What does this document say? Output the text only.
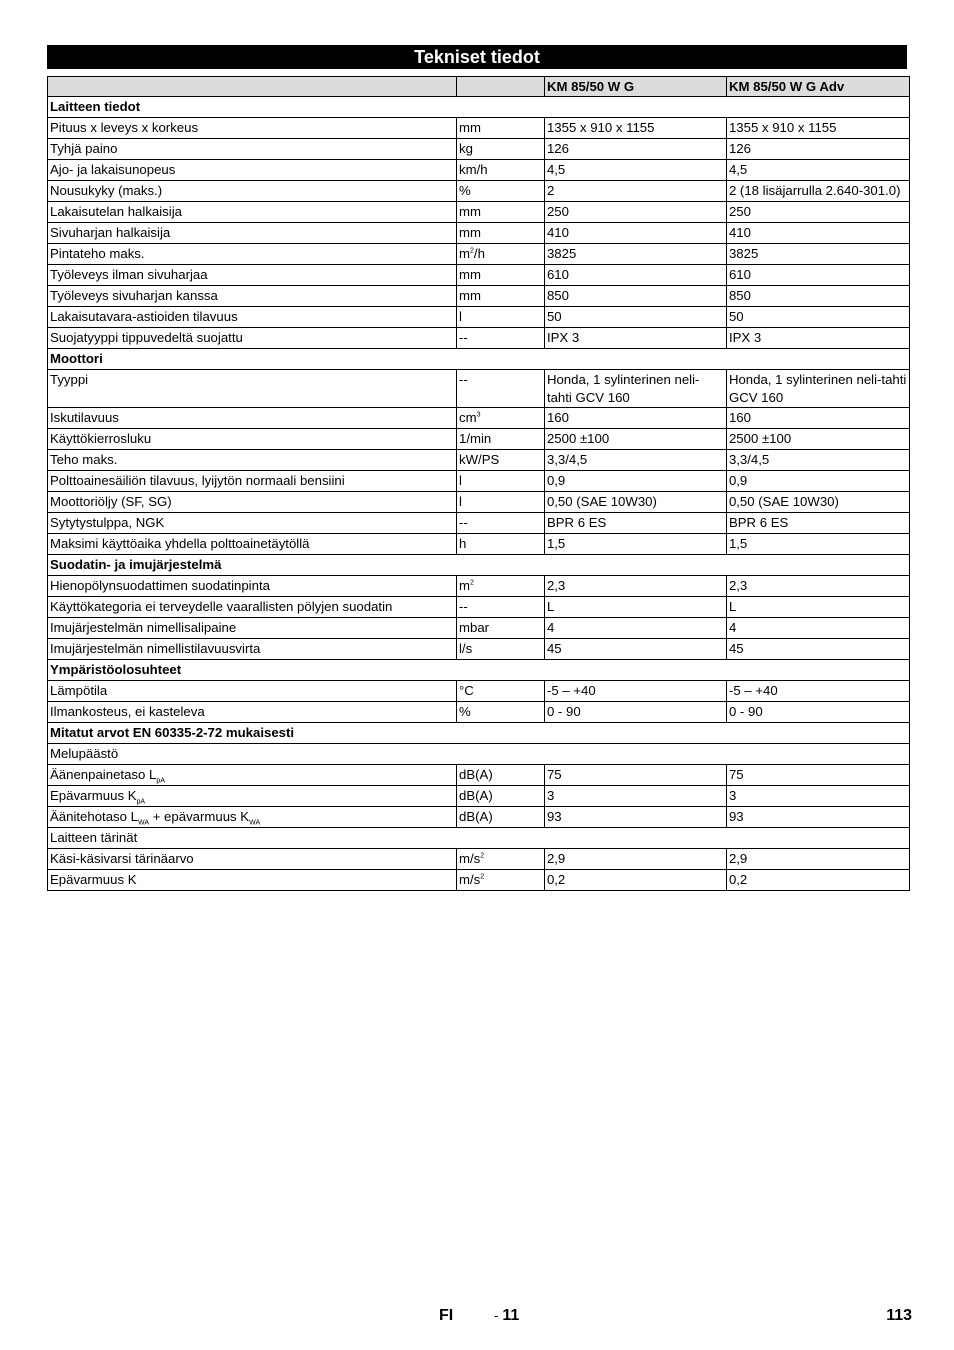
Tekniset tiedot
		KM 85/50 W G	KM 85/50 W G Adv
Laitteen tiedot			
Pituus x leveys x korkeus	mm	1355 x 910 x 1155	1355 x 910 x 1155
Tyhjä paino	kg	126	126
Ajo- ja lakaisunopeus	km/h	4,5	4,5
Nousukyky (maks.)	%	2	2 (18 lisäjarrulla 2.640-301.0)
Lakaisutelan halkaisija	mm	250	250
Sivuharjan halkaisija	mm	410	410
Pintateho maks.	$m^2/h$	3825	3825
Työleveys ilman sivuharjaa	mm	610	610
Työleveys sivuharjan kanssa	mm	850	850
Lakaisutavara-astioiden tilavuus	l	50	50
Suojatyyppi tippuvedeltä suojattu	--	IPX 3	IPX 3
Moottori			
Tyyppi	--	Honda, 1 sylinterinen neli-tahti GCV 160	Honda, 1 sylinterinen neli-tahti GCV 160
Iskutilavuus	$cm^3$	160	160
Käyttökierrosluku	1/min	2500 ±100	2500 ±100
Teho maks.	kW/PS	3,3/4,5	3,3/4,5
Polttoainesäiliön tilavuus, lyijytön normaali bensiini	l	0,9	0,9
Moottoriöljy (SF, SG)	l	0,50 (SAE 10W30)	0,50 (SAE 10W30)
Sytytystulppa, NGK	--	BPR 6 ES	BPR 6 ES
Maksimi käyttöaika yhdella polttoainetäytöllä	h	1,5	1,5
Suodatin- ja imujärjestelmä			
Hienopölynsuodattimen suodatinpinta	$m^2$	2,3	2,3
Käyttökategoria ei terveydelle vaarallisten pölyjen suodatin	--	L	L
Imujärjestelmän nimellisalipaine	mbar	4	4
Imujärjestelmän nimellistilavuusvirta	l/s	45	45
Ympäristöolosuhteet			
Lämpötila	°C	-5 – +40	-5 – +40
Ilmankosteus, ei kasteleva	%	0 - 90	0 - 90
Mitatut arvot EN 60335-2-72 mukaisesti			
Melupäästö			
Äänenpainetaso $L_{pA}$	dB(A)	75	75
Epävarmuus $K_{pA}$	dB(A)	3	3
Äänitehotaso $L_{WA}$ + epävarmuus $K_{WA}$	dB(A)	93	93
Laitteen tärinät			
Käsi-käsivarsi tärinäarvo	$m/s^2$	2,9	2,9
Epävarmuus K	$m/s^2$	0,2	0,2
FI	- 11	113
